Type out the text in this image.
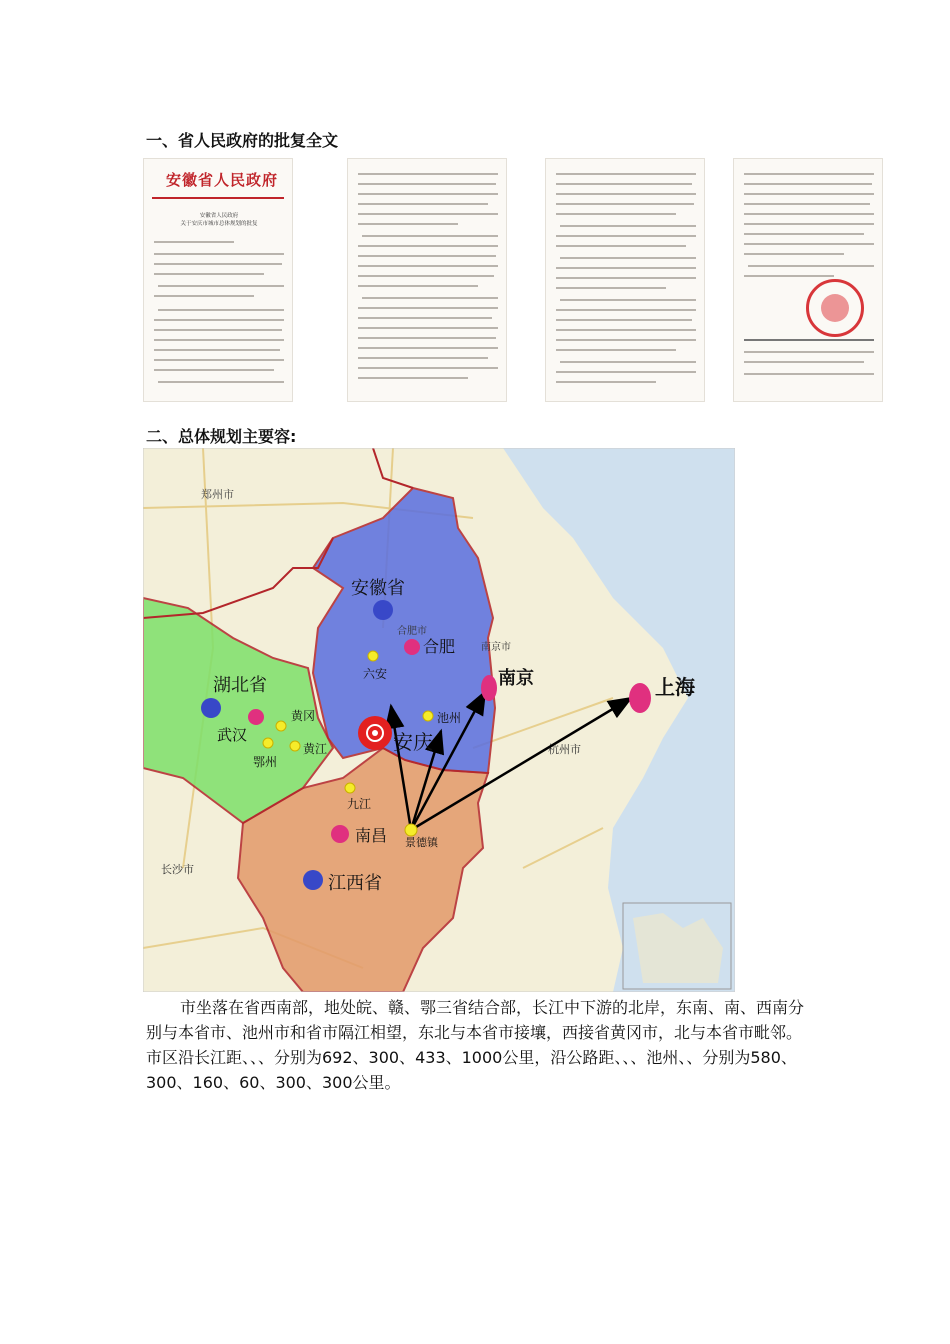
一、省人民政府的批复全文
安徽省人民政府
安徽省人民政府
关于安庆市城市总体规划的批复
二、总体规划主要容:
郑州市
合肥市
南京市
杭州市
长沙市
安徽省
湖北省
江西省
合肥
南京	上海
安庆
武汉
黄冈
鄂州
黄江
六安
池州
九江
景德镇
南昌

市坐落在省西南部，地处皖、赣、鄂三省结合部，长江中下游的北岸，东南、南、西南分别与本省市、池州市和省市隔江相望，东北与本省市接壤，西接省黄冈市，北与本省市毗邻。市区沿长江距、、、分别为692、300、433、1000公里，沿公路距、、、池州、、分别为580、300、160、60、300、300公里。
